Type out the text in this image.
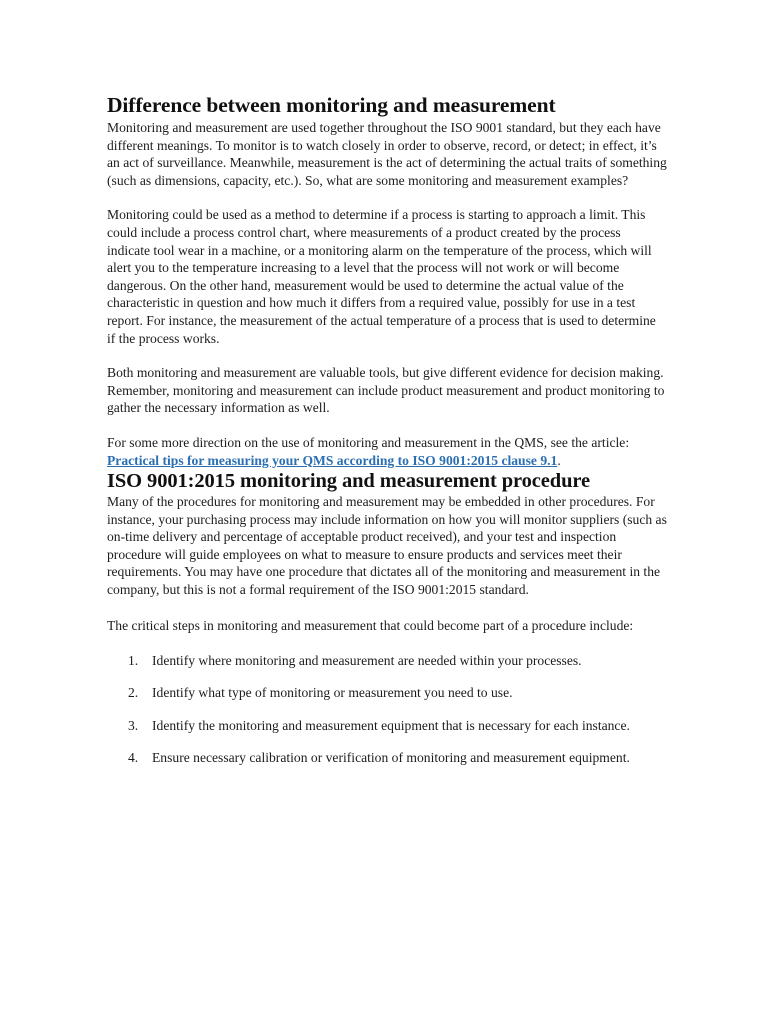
Difference between monitoring and measurement

Monitoring and measurement are used together throughout the ISO 9001 standard, but they each have different meanings. To monitor is to watch closely in order to observe, record, or detect; in effect, it’s an act of surveillance. Meanwhile, measurement is the act of determining the actual traits of something (such as dimensions, capacity, etc.). So, what are some monitoring and measurement examples?

Monitoring could be used as a method to determine if a process is starting to approach a limit. This could include a process control chart, where measurements of a product created by the process indicate tool wear in a machine, or a monitoring alarm on the temperature of the process, which will alert you to the temperature increasing to a level that the process will not work or will become dangerous. On the other hand, measurement would be used to determine the actual value of the characteristic in question and how much it differs from a required value, possibly for use in a test report. For instance, the measurement of the actual temperature of a process that is used to determine if the process works.

Both monitoring and measurement are valuable tools, but give different evidence for decision making. Remember, monitoring and measurement can include product measurement and product monitoring to gather the necessary information as well.

For some more direction on the use of monitoring and measurement in the QMS, see the article: Practical tips for measuring your QMS according to ISO 9001:2015 clause 9.1.

ISO 9001:2015 monitoring and measurement procedure

Many of the procedures for monitoring and measurement may be embedded in other procedures. For instance, your purchasing process may include information on how you will monitor suppliers (such as on-time delivery and percentage of acceptable product received), and your test and inspection procedure will guide employees on what to measure to ensure products and services meet their requirements. You may have one procedure that dictates all of the monitoring and measurement in the company, but this is not a formal requirement of the ISO 9001:2015 standard.

The critical steps in monitoring and measurement that could become part of a procedure include:

1. Identify where monitoring and measurement are needed within your processes.
2. Identify what type of monitoring or measurement you need to use.
3. Identify the monitoring and measurement equipment that is necessary for each instance.
4. Ensure necessary calibration or verification of monitoring and measurement equipment.
